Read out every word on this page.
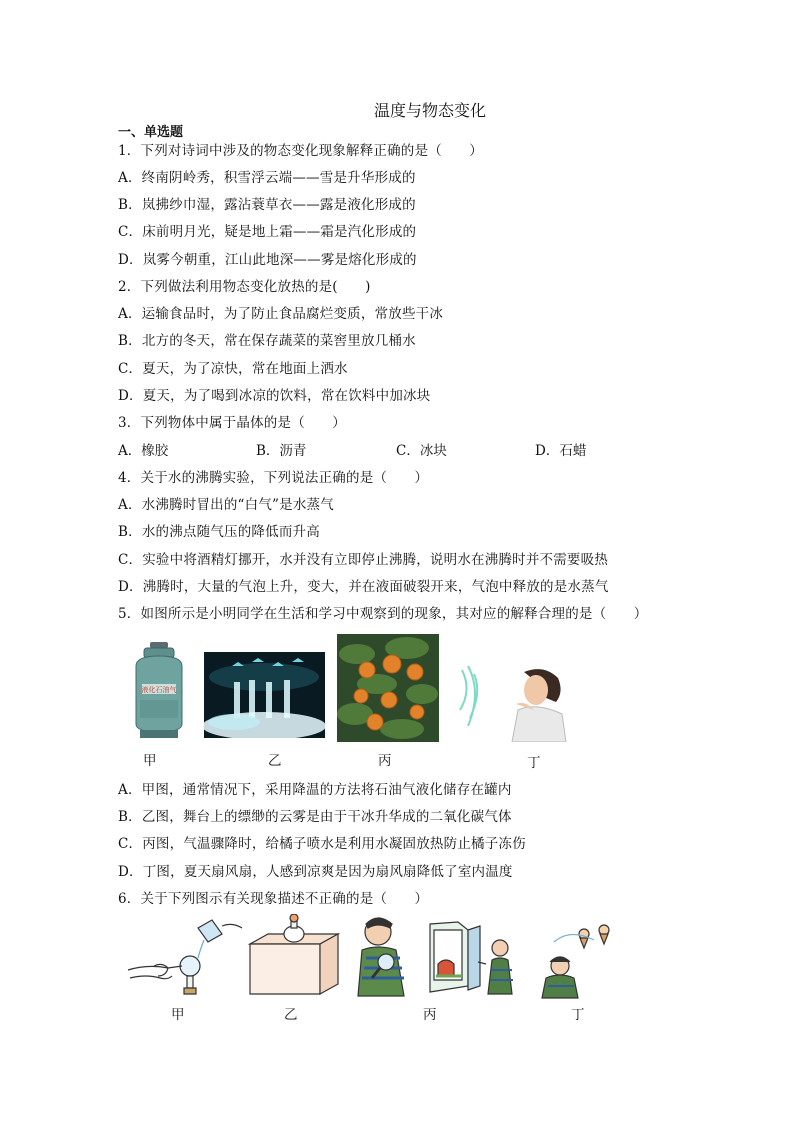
温度与物态变化
一、单选题
1．下列对诗词中涉及的物态变化现象解释正确的是（　　）
A．终南阴岭秀，积雪浮云端——雪是升华形成的
B．岚拂纱巾湿，露沾蓑草衣——露是液化形成的
C．床前明月光，疑是地上霜——霜是汽化形成的
D．岚雾今朝重，江山此地深——雾是熔化形成的
2．下列做法利用物态变化放热的是(　　)
A．运输食品时，为了防止食品腐烂变质，常放些干冰
B．北方的冬天，常在保存蔬菜的菜窖里放几桶水
C．夏天，为了凉快，常在地面上洒水
D．夏天，为了喝到冰凉的饮料，常在饮料中加冰块
3．下列物体中属于晶体的是（　　）
A．橡胶	B．沥青	C．冰块	D．石蜡
4．关于水的沸腾实验，下列说法正确的是（　　）
A．水沸腾时冒出的“白气”是水蒸气
B．水的沸点随气压的降低而升高
C．实验中将酒精灯挪开，水并没有立即停止沸腾，说明水在沸腾时并不需要吸热
D．沸腾时，大量的气泡上升，变大，并在液面破裂开来，气泡中释放的是水蒸气
5．如图所示是小明同学在生活和学习中观察到的现象，其对应的解释合理的是（　　）
液化石油气
甲	乙	丙	丁
A．甲图，通常情况下，采用降温的方法将石油气液化储存在罐内
B．乙图，舞台上的缥缈的云雾是由于干冰升华成的二氧化碳气体
C．丙图，气温骤降时，给橘子喷水是利用水凝固放热防止橘子冻伤
D．丁图，夏天扇风扇，人感到凉爽是因为扇风扇降低了室内温度
6．关于下列图示有关现象描述不正确的是（　　）
甲	乙	丙	丁
